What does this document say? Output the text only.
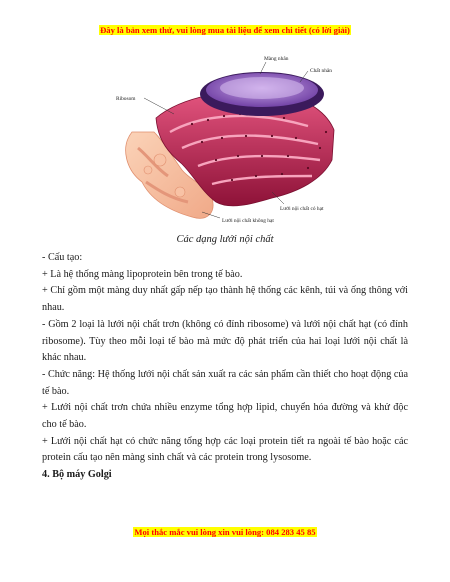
Đây là bản xem thử, vui lòng mua tài liệu để xem chi tiết (có lời giải)
Màng nhân
Chất nhân
Ribosom
Lưới nội chất có hạt
Lưới nội chất không hạt
Các dạng lưới nội chất

- Cấu tạo:

+ Là hệ thống màng lipoprotein bên trong tế bào.

+ Chỉ gồm một màng duy nhất gấp nếp tạo thành hệ thống các kênh, túi và ống thông với nhau.

- Gồm 2 loại là lưới nội chất trơn (không có đính ribosome) và lưới nội chất hạt (có đính ribosome). Tùy theo mỗi loại tế bào mà mức độ phát triển của hai loại lưới nội chất là khác nhau.

- Chức năng: Hệ thống lưới nội chất sản xuất ra các sản phẩm cần thiết cho hoạt động của tế bào.

+ Lưới nội chất trơn chứa nhiều enzyme tổng hợp lipid, chuyển hóa đường và khử độc cho tế bào.

+ Lưới nội chất hạt có chức năng tổng hợp các loại protein tiết ra ngoài tế bào hoặc các protein cấu tạo nên màng sinh chất và các protein trong lysosome.

4. Bộ máy Golgi

Mọi thắc mắc vui lòng xin vui lòng: 084 283 45 85
